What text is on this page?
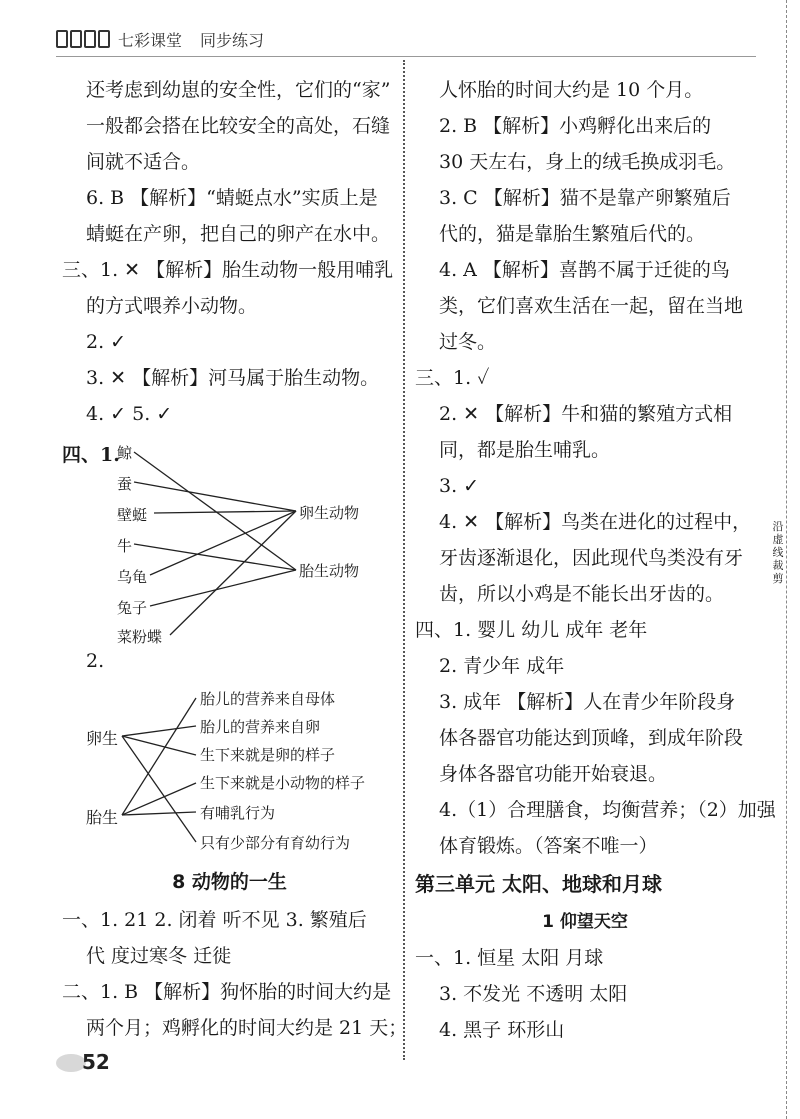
七彩课堂 同步练习
还考虑到幼崽的安全性，它们的“家”
一般都会搭在比较安全的高处，石缝
间就不适合。
6. B 【解析】“蜻蜓点水”实质上是
蜻蜓在产卵，把自己的卵产在水中。
三、1. ✕ 【解析】胎生动物一般用哺乳
的方式喂养小动物。
2. ✓
3. ✕ 【解析】河马属于胎生动物。
4. ✓ 5. ✓
四、1.
鲸
蚕
壁蜓
牛
乌龟
兔子
菜粉蝶
卵生动物
胎生动物
2.
卵生
胎生
胎儿的营养来自母体
胎儿的营养来自卵
生下来就是卵的样子
生下来就是小动物的样子
有哺乳行为
只有少部分有育幼行为
8 动物的一生
一、1. 21 2. 闭着 听不见 3. 繁殖后
代 度过寒冬 迁徙
二、1. B 【解析】狗怀胎的时间大约是
两个月；鸡孵化的时间大约是 21 天；
人怀胎的时间大约是 10 个月。
2. B 【解析】小鸡孵化出来后的
30 天左右，身上的绒毛换成羽毛。
3. C 【解析】猫不是靠产卵繁殖后
代的，猫是靠胎生繁殖后代的。
4. A 【解析】喜鹊不属于迁徙的鸟
类，它们喜欢生活在一起，留在当地
过冬。
三、1. ✓
2. ✕ 【解析】牛和猫的繁殖方式相
同，都是胎生哺乳。
3. ✓
4. ✕ 【解析】鸟类在进化的过程中，
牙齿逐渐退化，因此现代鸟类没有牙
齿，所以小鸡是不能长出牙齿的。
四、1. 婴儿 幼儿 成年 老年
2. 青少年 成年
3. 成年 【解析】人在青少年阶段身
体各器官功能达到顶峰，到成年阶段
身体各器官功能开始衰退。
4.（1）合理膳食，均衡营养；（2）加强
体育锻炼。（答案不唯一）
第三单元 太阳、地球和月球
1 仰望天空
一、1. 恒星 太阳 月球
3. 不发光 不透明 太阳
4. 黑子 环形山
沿虚线裁剪
52
